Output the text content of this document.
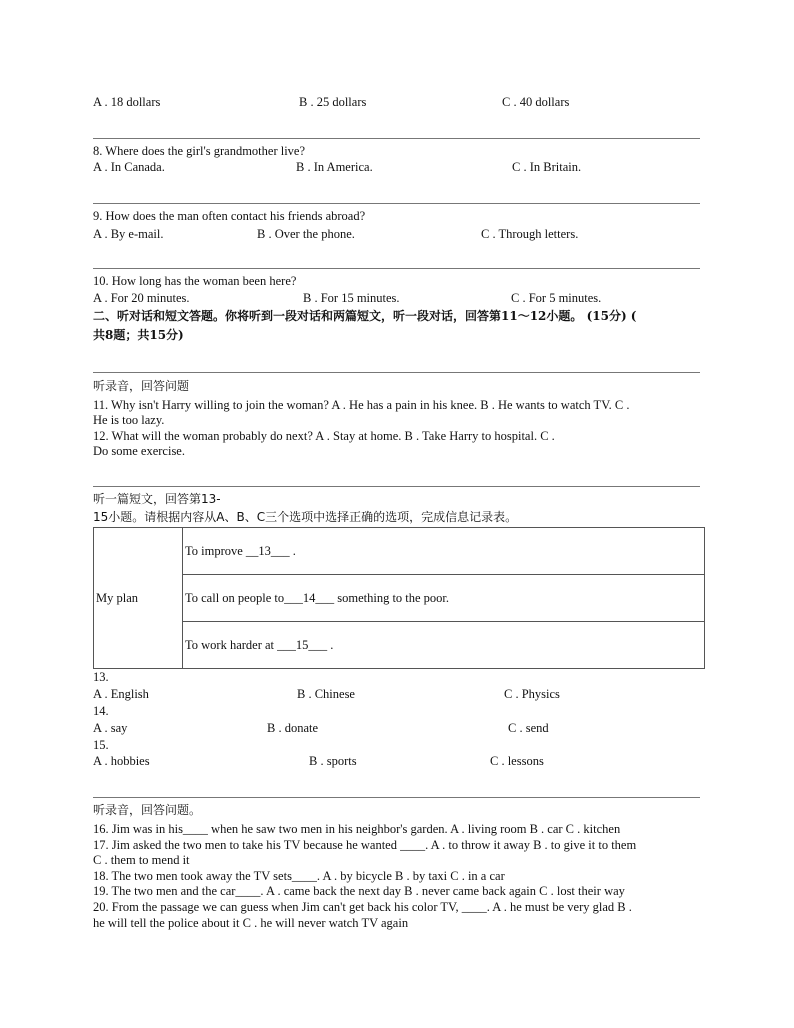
A . 18 dollars	B . 25 dollars	C . 40 dollars
8. Where does the girl's grandmother live?
A . In Canada.	B . In America.	C . In Britain.
9. How does the man often contact his friends abroad?
A . By e-mail.	B . Over the phone.	C . Through letters.
10. How long has the woman been here?
A . For 20 minutes.	B . For 15 minutes.	C . For 5 minutes.
二、听对话和短文答题。你将听到一段对话和两篇短文，听一段对话，回答第11～12小题。 (15分) (
共8题；共15分)
听录音，回答问题
11. Why isn't Harry willing to join the woman? A . He has a pain in his knee. B . He wants to watch TV. C .
He is too lazy.
12. What will the woman probably do next? A . Stay at home. B . Take Harry to hospital. C .
Do some exercise.
听一篇短文，回答第13-
15小题。请根据内容从A、B、C三个选项中选择正确的选项，完成信息记录表。
My plan	To improve __13___ .
To call on people to___14___ something to the poor.
To work harder at ___15___ .
13.
A . English	B . Chinese	C . Physics
14.
A . say	B . donate	C . send
15.
A . hobbies	B . sports	C . lessons
听录音，回答问题。
16. Jim was in his____ when he saw two men in his neighbor's garden. A . living room B . car C . kitchen
17. Jim asked the two men to take his TV because he wanted ____. A . to throw it away B . to give it to them
C . them to mend it
18. The two men took away the TV sets____. A . by bicycle B . by taxi C . in a car
19. The two men and the car____. A . came back the next day B . never came back again C . lost their way
20. From the passage we can guess when Jim can't get back his color TV, ____. A . he must be very glad B .
he will tell the police about it C . he will never watch TV again
